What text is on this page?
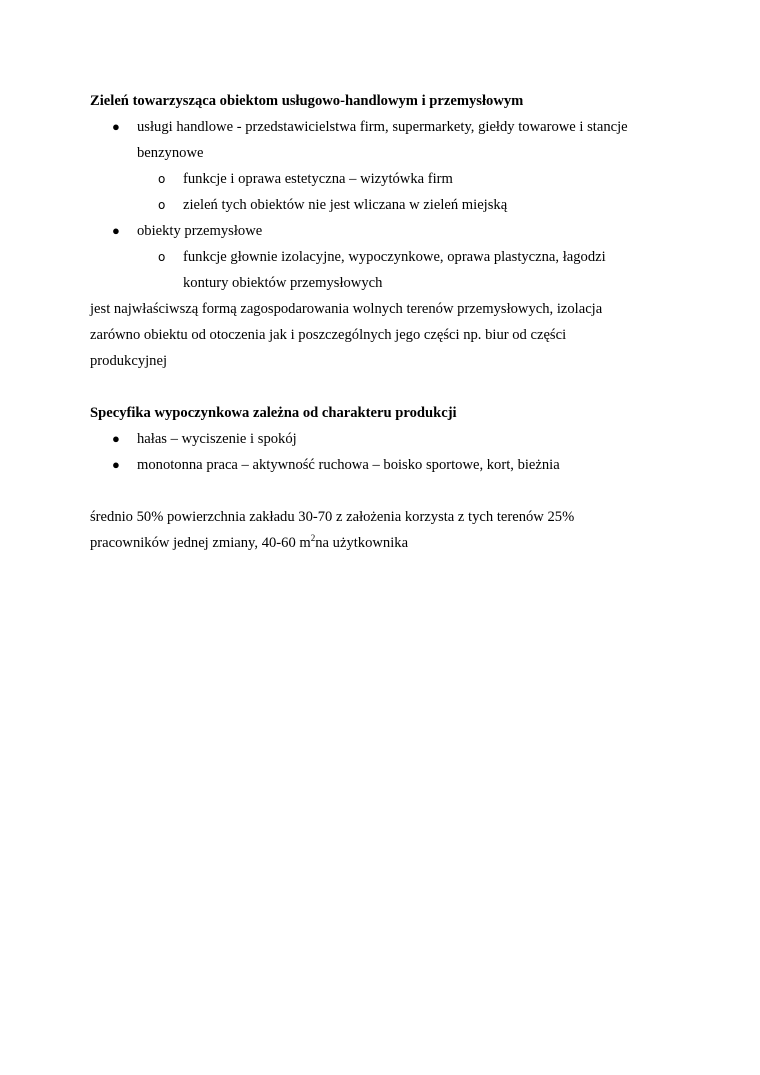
Zieleń towarzysząca obiektom usługowo-handlowym i przemysłowym

● usługi handlowe - przedstawicielstwa firm, supermarkety, giełdy towarowe i stancje
benzynowe
o funkcje i oprawa estetyczna – wizytówka firm
o zieleń tych obiektów nie jest wliczana w zieleń miejską
● obiekty przemysłowe
o funkcje głownie izolacyjne, wypoczynkowe, oprawa plastyczna, łagodzi
kontury obiektów przemysłowych

jest najwłaściwszą formą zagospodarowania wolnych terenów przemysłowych, izolacja

zarówno obiektu od otoczenia jak i poszczególnych jego części np. biur od części

produkcyjnej

Specyfika wypoczynkowa zależna od charakteru produkcji

● hałas – wyciszenie i spokój
● monotonna praca – aktywność ruchowa – boisko sportowe, kort, bieżnia

średnio 50% powierzchnia zakładu 30-70 z założenia korzysta z tych terenów 25%

pracowników jednej zmiany, 40-60 $m^2na$ użytkownika
